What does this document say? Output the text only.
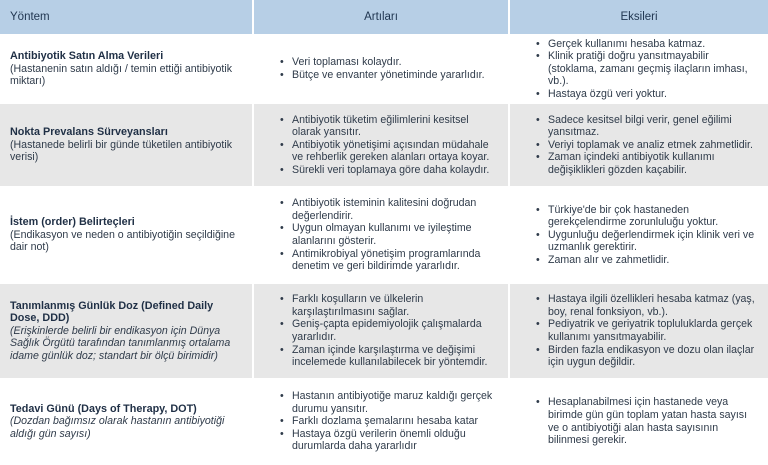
Yöntem	Artıları	Eksileri
Antibiyotik Satın Alma Verileri
(Hastanenin satın aldığı / temin ettiği antibiyotik miktarı)
• Veri toplaması kolaydır.
• Bütçe ve envanter yönetiminde yararlıdır.
• Gerçek kullanımı hesaba katmaz.
• Klinik pratiği doğru yansıtmayabilir (stoklama, zamanı geçmiş ilaçların imhası, vb.).
• Hastaya özgü veri yoktur.
Nokta Prevalans Sürveyansları
(Hastanede belirli bir günde tüketilen antibiyotik verisi)
• Antibiyotik tüketim eğilimlerini kesitsel olarak yansıtır.
• Antibiyotik yönetişimi açısından müdahale ve rehberlik gereken alanları ortaya koyar.
• Sürekli veri toplamaya göre daha kolaydır.
• Sadece kesitsel bilgi verir, genel eğilimi yansıtmaz.
• Veriyi toplamak ve analiz etmek zahmetlidir.
• Zaman içindeki antibiyotik kullanımı değişiklikleri gözden kaçabilir.
İstem (order) Belirteçleri
(Endikasyon ve neden o antibiyotiğin seçildiğine dair not)
• Antibiyotik isteminin kalitesini doğrudan değerlendirir.
• Uygun olmayan kullanımı ve iyileştime alanlarını gösterir.
• Antimikrobiyal yönetişim programlarında denetim ve geri bildirimde yararlıdır.
• Türkiye'de bir çok hastaneden gerekçelendirme zorunluluğu yoktur.
• Uygunluğu değerlendirmek için klinik veri ve uzmanlık gerektirir.
• Zaman alır ve zahmetlidir.
Tanımlanmış Günlük Doz (Defined Daily Dose, DDD)
(Erişkinlerde belirli bir endikasyon için Dünya Sağlık Örgütü tarafından tanımlanmış ortalama idame günlük doz; standart bir ölçü birimidir)
• Farklı koşulların ve ülkelerin karşılaştırılmasını sağlar.
• Geniş-çapta epidemiyolojik çalışmalarda yararlıdır.
• Zaman içinde karşılaştırma ve değişimi incelemede kullanılabilecek bir yöntemdir.
• Hastaya ilgili özellikleri hesaba katmaz (yaş, boy, renal fonksiyon, vb.).
• Pediyatrik ve geriyatrik topluluklarda gerçek kullanımı yansıtmayabilir.
• Birden fazla endikasyon ve dozu olan ilaçlar için uygun değildir.
Tedavi Günü (Days of Therapy, DOT)
(Dozdan bağımsız olarak hastanın antibiyotiği aldığı gün sayısı)
• Hastanın antibiyotiğe maruz kaldığı gerçek durumu yansıtır.
• Farklı dozlama şemalarını hesaba katar
• Hastaya özgü verilerin önemli olduğu durumlarda daha yararlıdır
• Hesaplanabilmesi için hastanede veya birimde gün gün toplam yatan hasta sayısı ve o antibiyotiği alan hasta sayısının bilinmesi gerekir.
